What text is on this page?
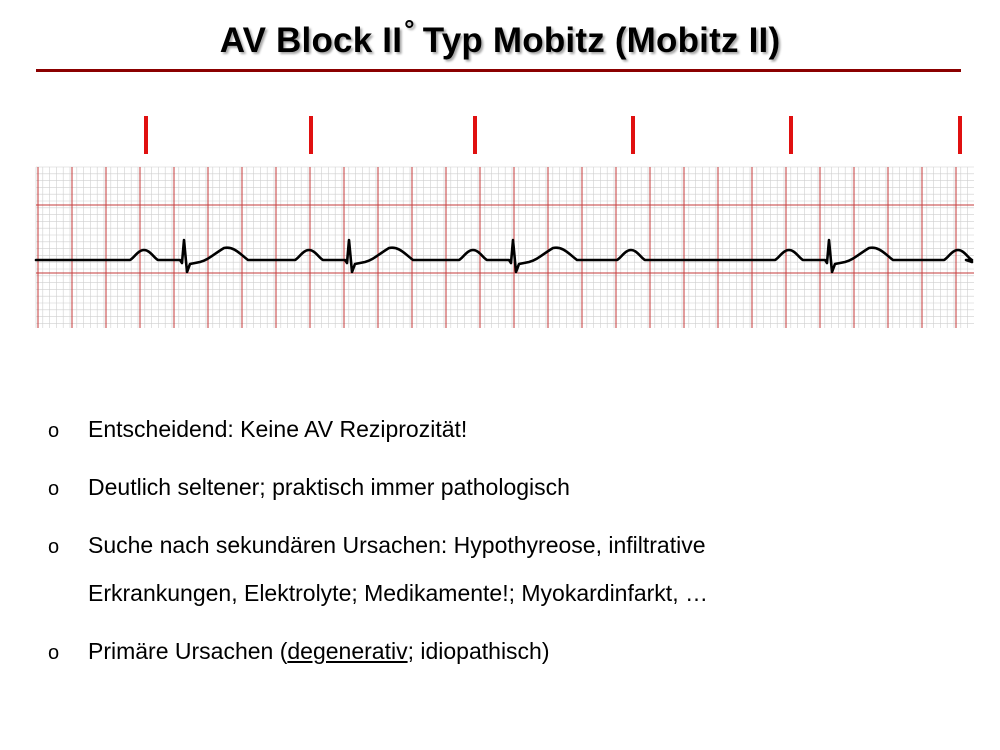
AV Block II° Typ Mobitz (Mobitz II)
o Entscheidend: Keine AV Reziprozität!
o Deutlich seltener; praktisch immer pathologisch
o Suche nach sekundären Ursachen: Hypothyreose, infiltrative
Erkrankungen, Elektrolyte; Medikamente!; Myokardinfarkt, …
o Primäre Ursachen (degenerativ; idiopathisch)
